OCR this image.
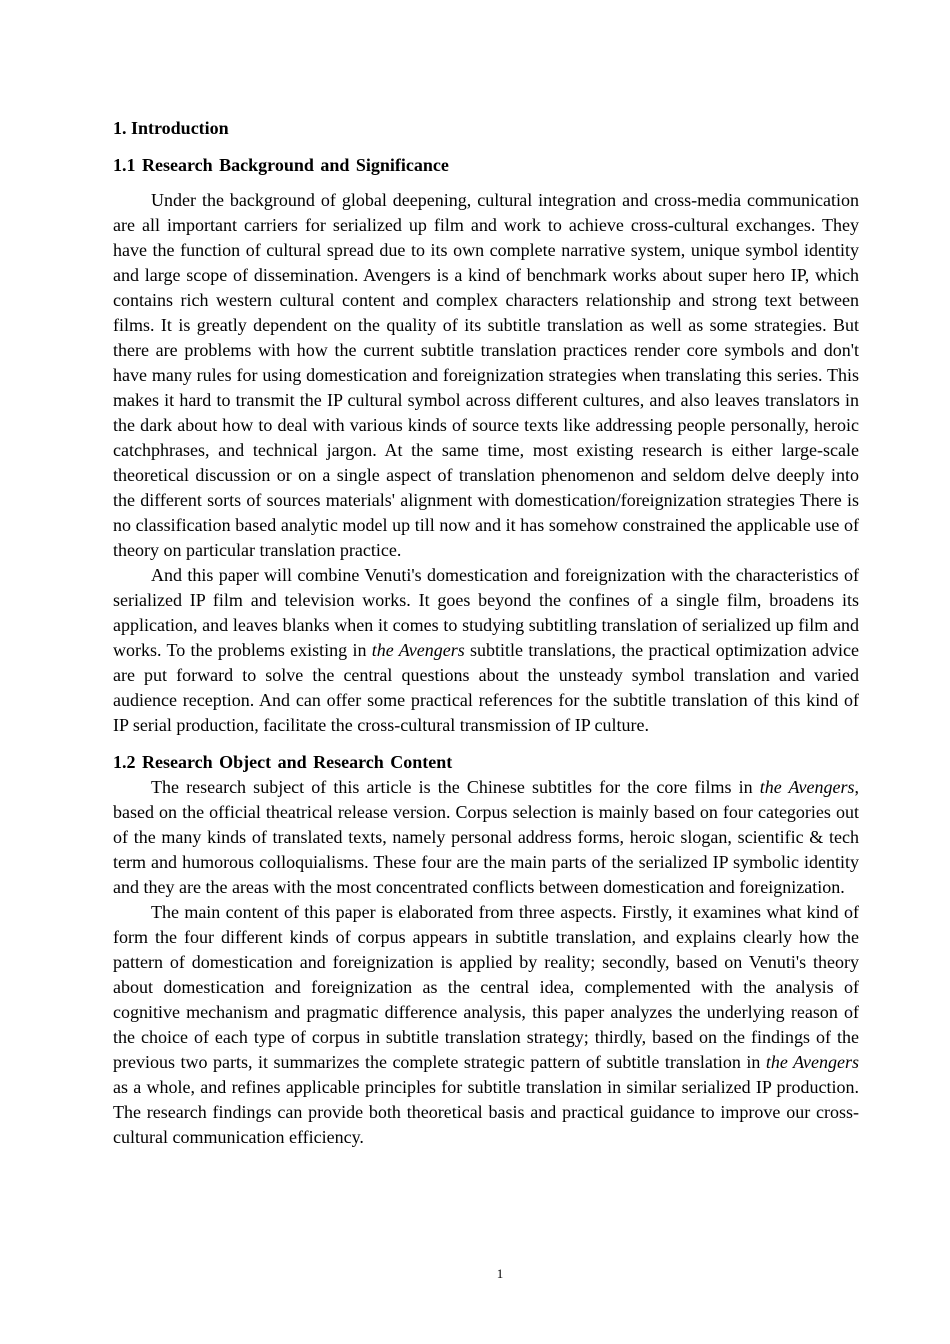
1. Introduction
1.1 Research Background and Significance

Under the background of global deepening, cultural integration and cross-media communication are all important carriers for serialized up film and work to achieve cross-cultural exchanges. They have the function of cultural spread due to its own complete narrative system, unique symbol identity and large scope of dissemination. Avengers is a kind of benchmark works about super hero IP, which contains rich western cultural content and complex characters relationship and strong text between films. It is greatly dependent on the quality of its subtitle translation as well as some strategies. But there are problems with how the current subtitle translation practices render core symbols and don't have many rules for using domestication and foreignization strategies when translating this series. This makes it hard to transmit the IP cultural symbol across different cultures, and also leaves translators in the dark about how to deal with various kinds of source texts like addressing people personally, heroic catchphrases, and technical jargon. At the same time, most existing research is either large-scale theoretical discussion or on a single aspect of translation phenomenon and seldom delve deeply into the different sorts of sources materials' alignment with domestication/foreignization strategies There is no classification based analytic model up till now and it has somehow constrained the applicable use of theory on particular translation practice.

And this paper will combine Venuti's domestication and foreignization with the characteristics of serialized IP film and television works. It goes beyond the confines of a single film, broadens its application, and leaves blanks when it comes to studying subtitling translation of serialized up film and works. To the problems existing in the Avengers subtitle translations, the practical optimization advice are put forward to solve the central questions about the unsteady symbol translation and varied audience reception. And can offer some practical references for the subtitle translation of this kind of IP serial production, facilitate the cross-cultural transmission of IP culture.

1.2 Research Object and Research Content

The research subject of this article is the Chinese subtitles for the core films in the Avengers, based on the official theatrical release version. Corpus selection is mainly based on four categories out of the many kinds of translated texts, namely personal address forms, heroic slogan, scientific & tech term and humorous colloquialisms. These four are the main parts of the serialized IP symbolic identity and they are the areas with the most concentrated conflicts between domestication and foreignization.

The main content of this paper is elaborated from three aspects. Firstly, it examines what kind of form the four different kinds of corpus appears in subtitle translation, and explains clearly how the pattern of domestication and foreignization is applied by reality; secondly, based on Venuti's theory about domestication and foreignization as the central idea, complemented with the analysis of cognitive mechanism and pragmatic difference analysis, this paper analyzes the underlying reason of the choice of each type of corpus in subtitle translation strategy; thirdly, based on the findings of the previous two parts, it summarizes the complete strategic pattern of subtitle translation in the Avengers as a whole, and refines applicable principles for subtitle translation in similar serialized IP production. The research findings can provide both theoretical basis and practical guidance to improve our cross-cultural communication efficiency.

1
